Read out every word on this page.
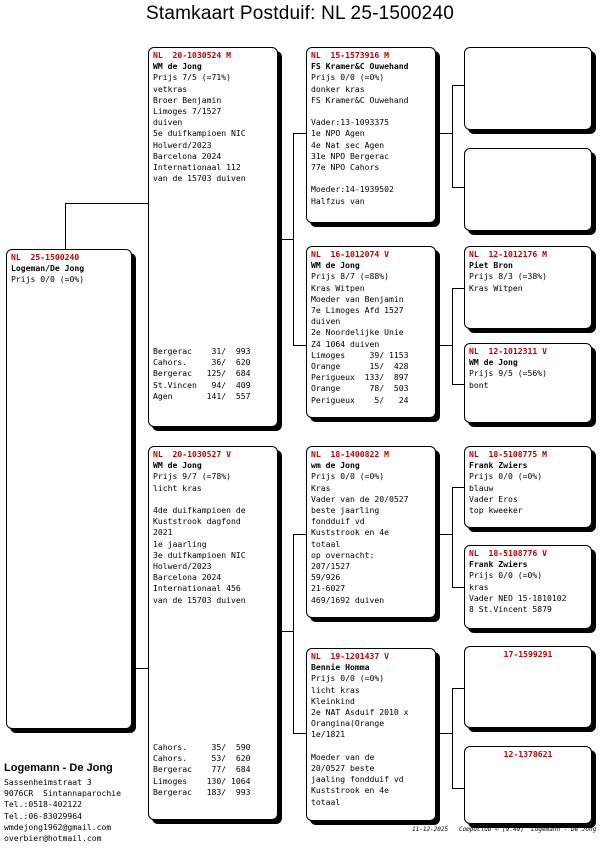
Stamkaart Postduif: NL 25-1500240
NL  25-1500240
Logeman/De Jong
Prijs 0/0 (=0%)
NL  20-1030524 M
WM de Jong
Prijs 7/5 (=71%)
vetkras
Broer Benjamin
Limoges 7/1527
duiven
5e duifkampioen NIC
Holwerd/2023
Barcelona 2024
Internationaal 112
van de 15703 duiven
Bergerac    31/  993
Cahors.     36/  620
Bergerac   125/  684
St.Vincen   94/  409
Agen       141/  557
NL  20-1030527 V
WM de Jong
Prijs 9/7 (=78%)
licht kras

4de duifkampioen de
Kuststrook dagfond
2021
1e jaarling
3e duifkampioen NIC
Holwerd/2023
Barcelona 2024
Internationaal 456
van de 15703 duiven
Cahors.     35/  590
Cahors.     53/  620
Bergerac    77/  684
Limoges    130/ 1064
Bergerac   183/  993
NL  15-1573916 M
FS Kramer&C Ouwehand
Prijs 0/0 (=0%)
donker kras
FS Kramer&C Ouwehand

Vader:13-1093375
1e NPO Agen
4e Nat sec Agen
31e NPO Bergerac
77e NPO Cahors

Moeder:14-1939502
Halfzus van
NL  16-1012074 V
WM de Jong
Prijs 8/7 (=88%)
Kras Witpen
Moeder van Benjamin
7e Limoges Afd 1527
duiven
2e Noordelijke Unie
Z4 1064 duiven
Limoges     39/ 1153
Orange      15/  428
Perigueux  133/  897
Orange      78/  503
Perigueux    5/   24
NL  18-1400822 M
wm de Jong
Prijs 0/0 (=0%)
Kras
Vader van de 20/0527
beste jaarling
fondduif vd
Kuststrook en 4e
totaal
op overnacht:
207/1527
59/926
21-6027
469/1692 duiven
NL  19-1201437 V
Bennie Homma
Prijs 0/0 (=0%)
licht kras
Kleinkind
2e NAT Asduif 2010 x
Orangina(Orange
1e/1821

Moeder van de
20/0527 beste
jaaling fondduif vd
Kuststrook en 4e
totaal
NL  12-1012176 M
Piet Bron
Prijs 8/3 (=38%)
Kras Witpen
NL  12-1012311 V
WM de Jong
Prijs 9/5 (=56%)
bont
NL  18-5108775 M
Frank Zwiers
Prijs 0/0 (=0%)
blauw
Vader Eros
top kweeker
NL  18-5108776 V
Frank Zwiers
Prijs 0/0 (=0%)
kras
Vader NEO 15-1810102
8 St.Vincent 5879
17-1599291
12-1378621
Logemann - De Jong
Sassenheimstraat 3
9076CR  Sintannaparochie
Tel.:0518-402122
Tel.:06-83029964
wmdejong1962@gmail.com
overbier@hotmail.com
11-12-2025   Compuclub © [9.49]  Logemann - De Jong
